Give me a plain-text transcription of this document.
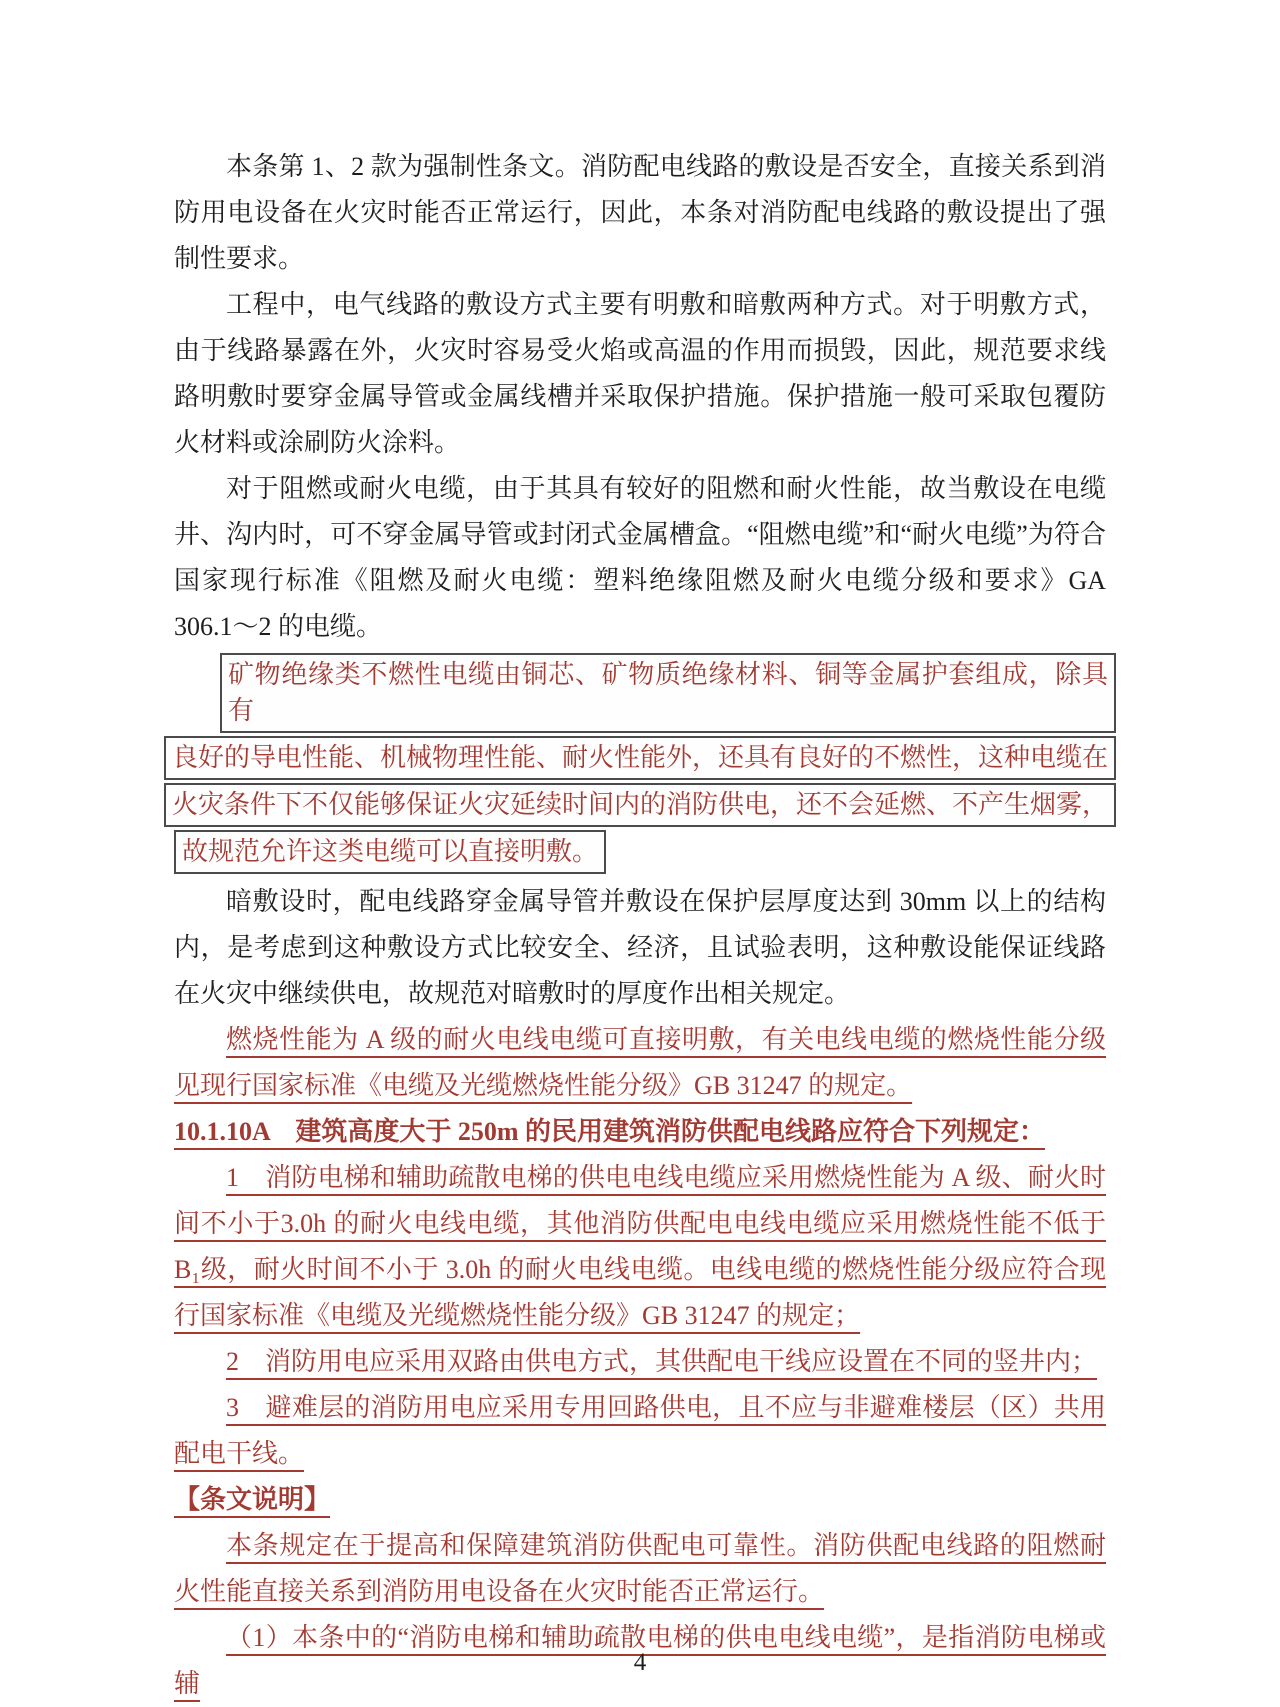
本条第 1、2 款为强制性条文。消防配电线路的敷设是否安全，直接关系到消防用电设备在火灾时能否正常运行，因此，本条对消防配电线路的敷设提出了强制性要求。

工程中，电气线路的敷设方式主要有明敷和暗敷两种方式。对于明敷方式，由于线路暴露在外，火灾时容易受火焰或高温的作用而损毁，因此，规范要求线路明敷时要穿金属导管或金属线槽并采取保护措施。保护措施一般可采取包覆防火材料或涂刷防火涂料。

对于阻燃或耐火电缆，由于其具有较好的阻燃和耐火性能，故当敷设在电缆井、沟内时，可不穿金属导管或封闭式金属槽盒。“阻燃电缆”和“耐火电缆”为符合国家现行标准《阻燃及耐火电缆：塑料绝缘阻燃及耐火电缆分级和要求》GA 306.1～2 的电缆。

矿物绝缘类不燃性电缆由铜芯、矿物质绝缘材料、铜等金属护套组成，除具有
良好的导电性能、机械物理性能、耐火性能外，还具有良好的不燃性，这种电缆在
火灾条件下不仅能够保证火灾延续时间内的消防供电，还不会延燃、不产生烟雾，
故规范允许这类电缆可以直接明敷。

暗敷设时，配电线路穿金属导管并敷设在保护层厚度达到 30mm 以上的结构内，是考虑到这种敷设方式比较安全、经济，且试验表明，这种敷设能保证线路在火灾中继续供电，故规范对暗敷时的厚度作出相关规定。

燃烧性能为 A 级的耐火电线电缆可直接明敷，有关电线电缆的燃烧性能分级见现行国家标准《电缆及光缆燃烧性能分级》GB 31247 的规定。

10.1.10A　建筑高度大于 250m 的民用建筑消防供配电线路应符合下列规定：

1　消防电梯和辅助疏散电梯的供电电线电缆应采用燃烧性能为 A 级、耐火时间不小于3.0h 的耐火电线电缆，其他消防供配电电线电缆应采用燃烧性能不低于 B₁级，耐火时间不小于 3.0h 的耐火电线电缆。电线电缆的燃烧性能分级应符合现行国家标准《电缆及光缆燃烧性能分级》GB 31247 的规定；

2　消防用电应采用双路由供电方式，其供配电干线应设置在不同的竖井内；

3　避难层的消防用电应采用专用回路供电，且不应与非避难楼层（区）共用配电干线。

【条文说明】

本条规定在于提高和保障建筑消防供配电可靠性。消防供配电线路的阻燃耐火性能直接关系到消防用电设备在火灾时能否正常运行。

（1）本条中的“消防电梯和辅助疏散电梯的供电电线电缆”，是指消防电梯或辅

4
